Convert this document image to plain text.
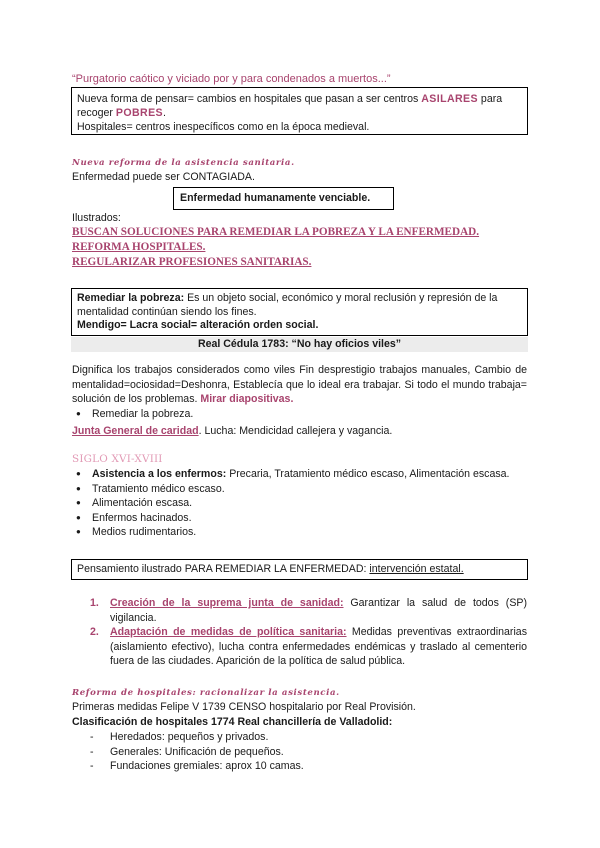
“Purgatorio caótico y viciado por y para condenados a muertos...”
Nueva forma de pensar= cambios en hospitales que pasan a ser centros ASILARES para
recoger POBRES.
Hospitales= centros inespecíficos como en la época medieval.
Nueva reforma de la asistencia sanitaria.
Enfermedad puede ser CONTAGIADA.
Enfermedad humanamente venciable.
Ilustrados:
BUSCAN SOLUCIONES PARA REMEDIAR LA POBREZA Y LA ENFERMEDAD.
REFORMA HOSPITALES.
REGULARIZAR PROFESIONES SANITARIAS.
Remediar la pobreza: Es un objeto social, económico y moral reclusión y represión de la mentalidad continúan siendo los fines.
Mendigo= Lacra social= alteración orden social.
Real Cédula 1783: “No hay oficios viles”
Dignifica los trabajos considerados como viles Fin desprestigio trabajos manuales, Cambio de mentalidad=ociosidad=Deshonra, Establecía que lo ideal era trabajar. Si todo el mundo trabaja= solución de los problemas. Mirar diapositivas.
● Remediar la pobreza.
Junta General de caridad. Lucha: Mendicidad callejera y vagancia.
SIGLO XVI-XVIII
● Asistencia a los enfermos: Precaria, Tratamiento médico escaso, Alimentación escasa.
● Tratamiento médico escaso.
● Alimentación escasa.
● Enfermos hacinados.
● Medios rudimentarios.
Pensamiento ilustrado PARA REMEDIAR LA ENFERMEDAD: intervención estatal.
1. Creación de la suprema junta de sanidad: Garantizar la salud de todos (SP) vigilancia.
2. Adaptación de medidas de política sanitaria: Medidas preventivas extraordinarias (aislamiento efectivo), lucha contra enfermedades endémicas y traslado al cementerio fuera de las ciudades. Aparición de la política de salud pública.
Reforma de hospitales: racionalizar la asistencia.
Primeras medidas Felipe V 1739 CENSO hospitalario por Real Provisión.
Clasificación de hospitales 1774 Real chancillería de Valladolid:
- Heredados: pequeños y privados.
- Generales: Unificación de pequeños.
- Fundaciones gremiales: aprox 10 camas.
